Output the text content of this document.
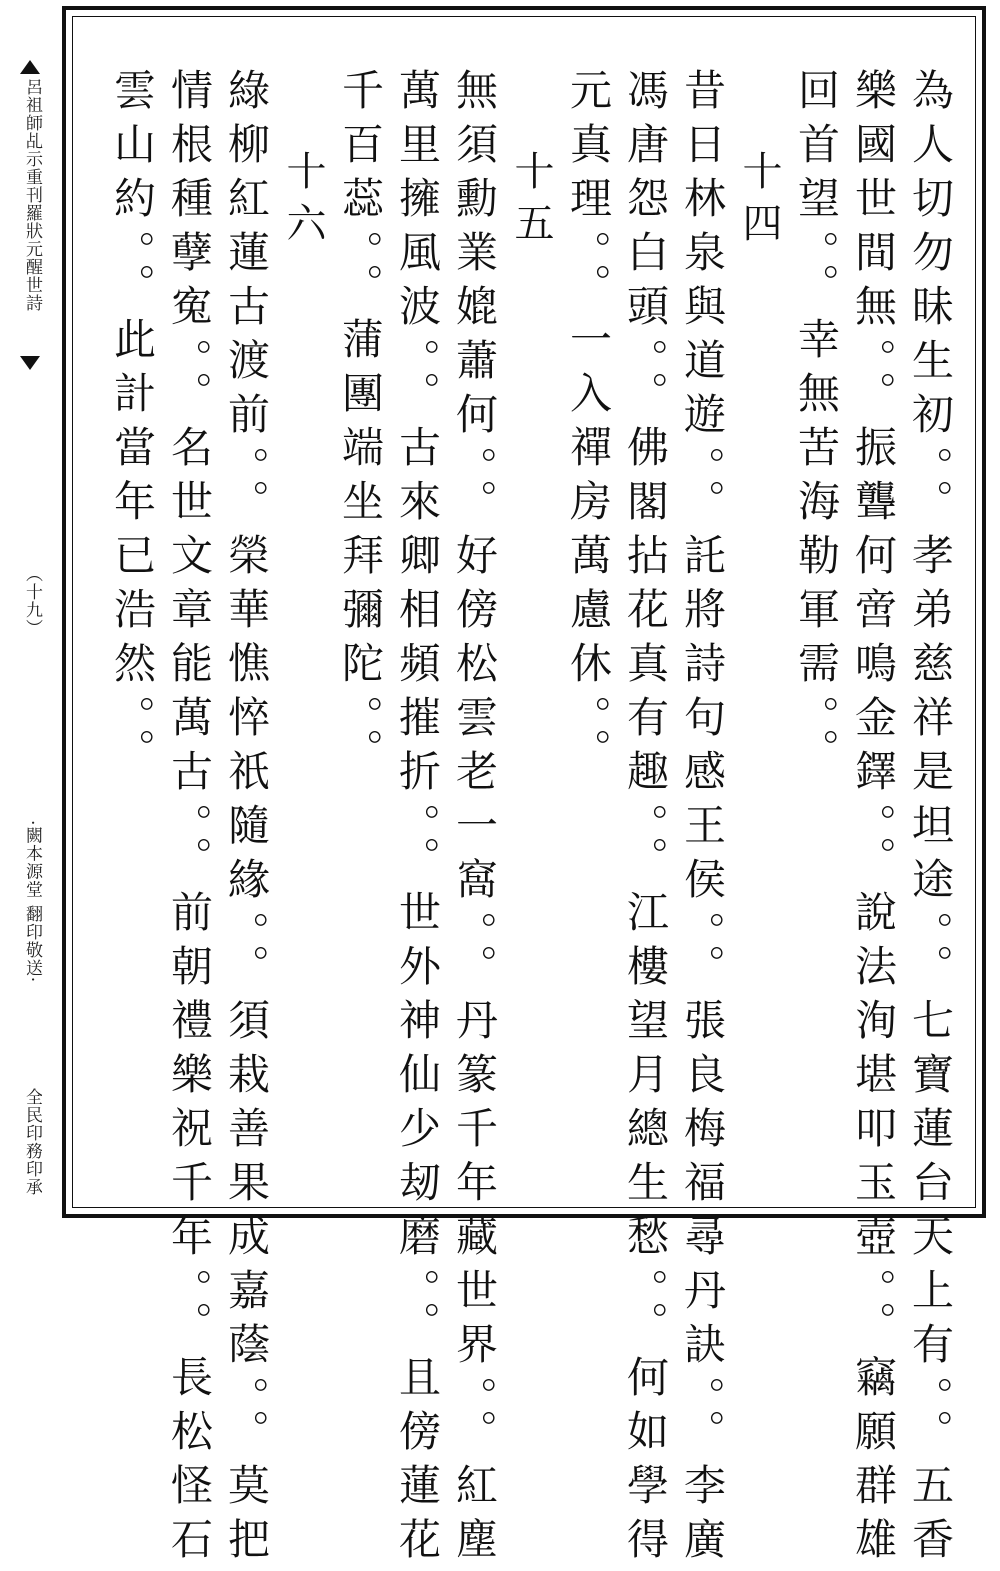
呂祖師乩示重刊羅狀元醒世詩
（十九）
·闕本源堂 翻印敬送·
全民印務印承	為人切勿昧生初。。孝弟慈祥是坦途。。七寶蓮台天上有。。五香
樂國世間無。。振聾何啻鳴金鐸。。說法洵堪叩玉壺。。竊願群雄
回首望。。幸無苦海勒軍需。。
十四
昔日林泉與道遊。。託將詩句感王侯。。張良梅福尋丹訣。。李廣
馮唐怨白頭。。佛閣拈花真有趣。。江樓望月總生愁。。何如學得
元真理。。一入禪房萬慮休。。
十五
無須勳業媲蕭何。。好傍松雲老一窩。。丹篆千年藏世界。。紅塵
萬里擁風波。。古來卿相頻摧折。。世外神仙少刼磨。。且傍蓮花
千百蕊。。蒲團端坐拜彌陀。。
十六
綠柳紅蓮古渡前。。榮華憔悴祇隨緣。。須栽善果成嘉蔭。。莫把
情根種孽寃。。名世文章能萬古。。前朝禮樂祝千年。。長松怪石
雲山約。。此計當年已浩然。。
